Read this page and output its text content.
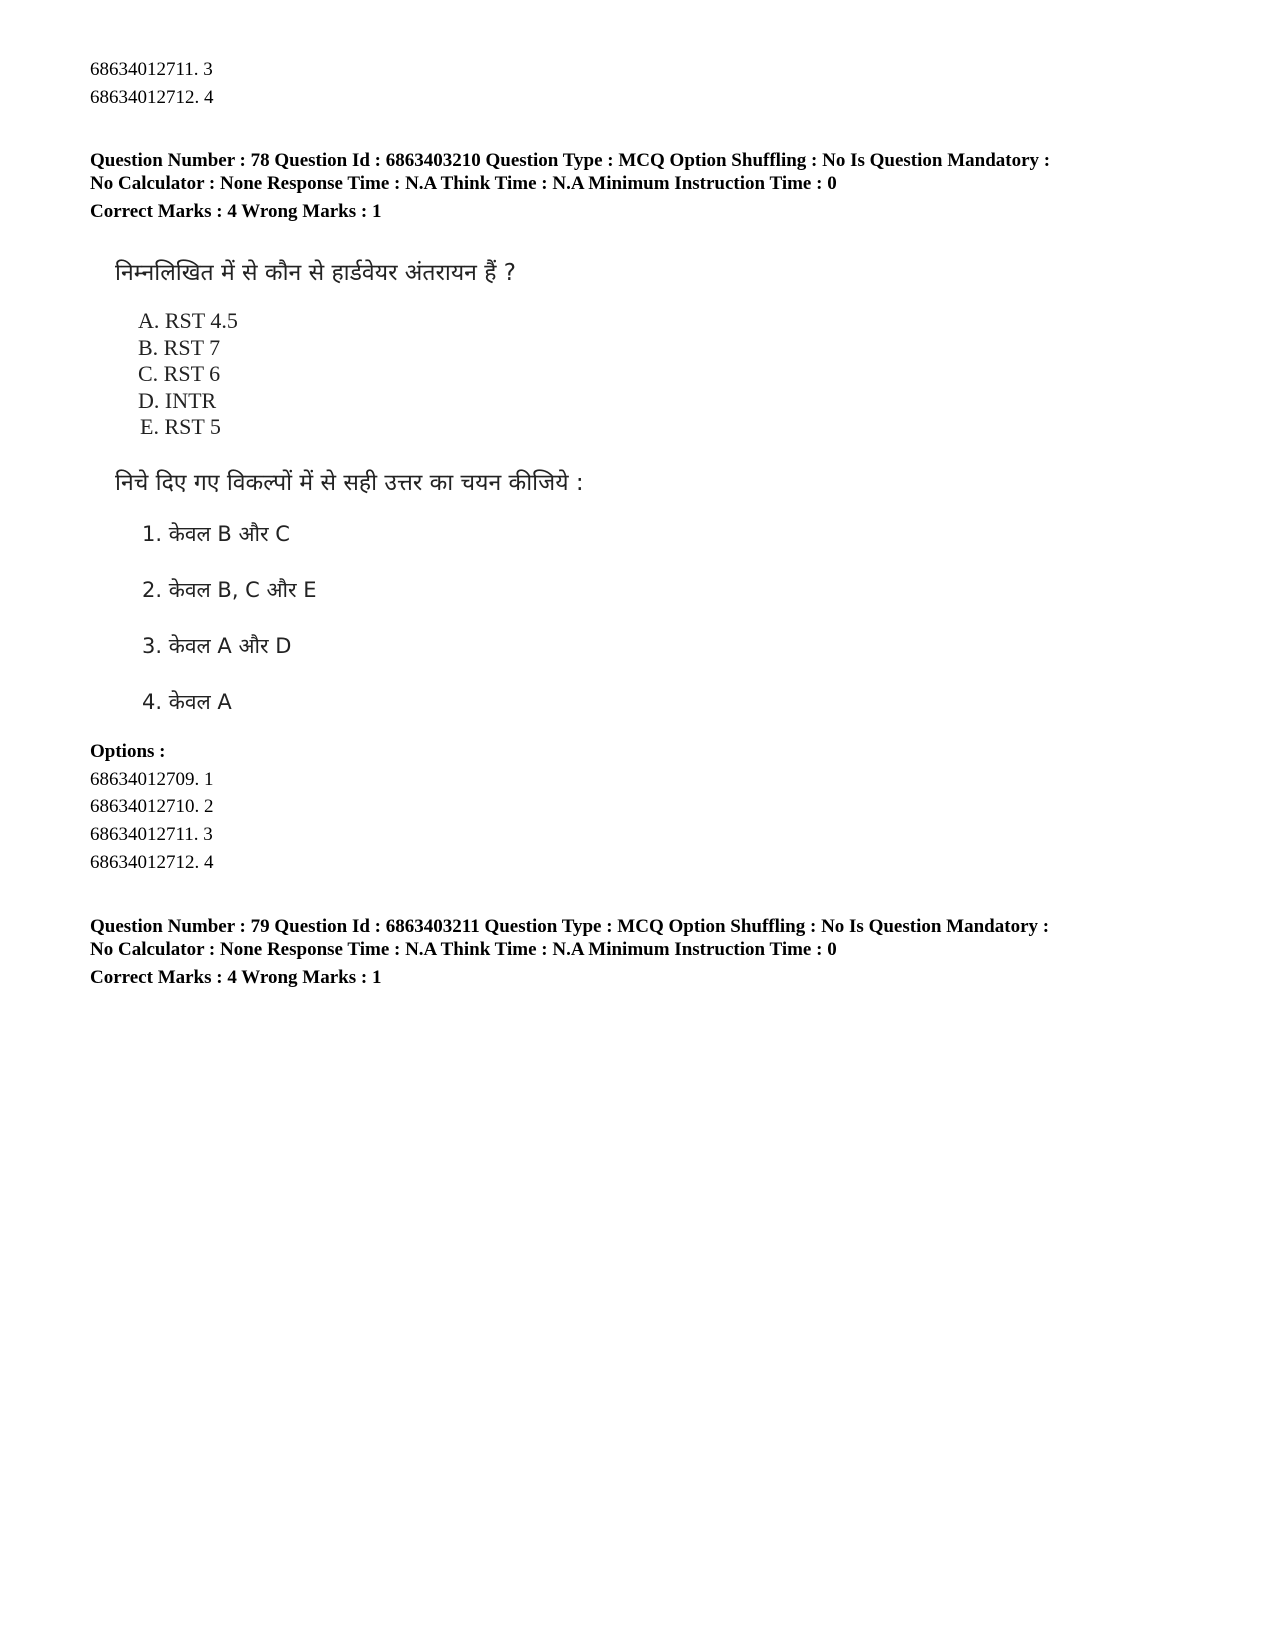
68634012711. 3
68634012712. 4
Question Number : 78 Question Id : 6863403210 Question Type : MCQ Option Shuffling : No Is Question Mandatory :
No Calculator : None Response Time : N.A Think Time : N.A Minimum Instruction Time : 0
Correct Marks : 4 Wrong Marks : 1
निम्नलिखित में से कौन से हार्डवेयर अंतरायन हैं ?
A. RST 4.5
B. RST 7
C. RST 6
D. INTR
E. RST 5
निचे दिए गए विकल्पों में से सही उत्तर का चयन कीजिये :
1. केवल B और C
2. केवल B, C और E
3. केवल A और D
4. केवल A
Options :
68634012709. 1
68634012710. 2
68634012711. 3
68634012712. 4
Question Number : 79 Question Id : 6863403211 Question Type : MCQ Option Shuffling : No Is Question Mandatory :
No Calculator : None Response Time : N.A Think Time : N.A Minimum Instruction Time : 0
Correct Marks : 4 Wrong Marks : 1
